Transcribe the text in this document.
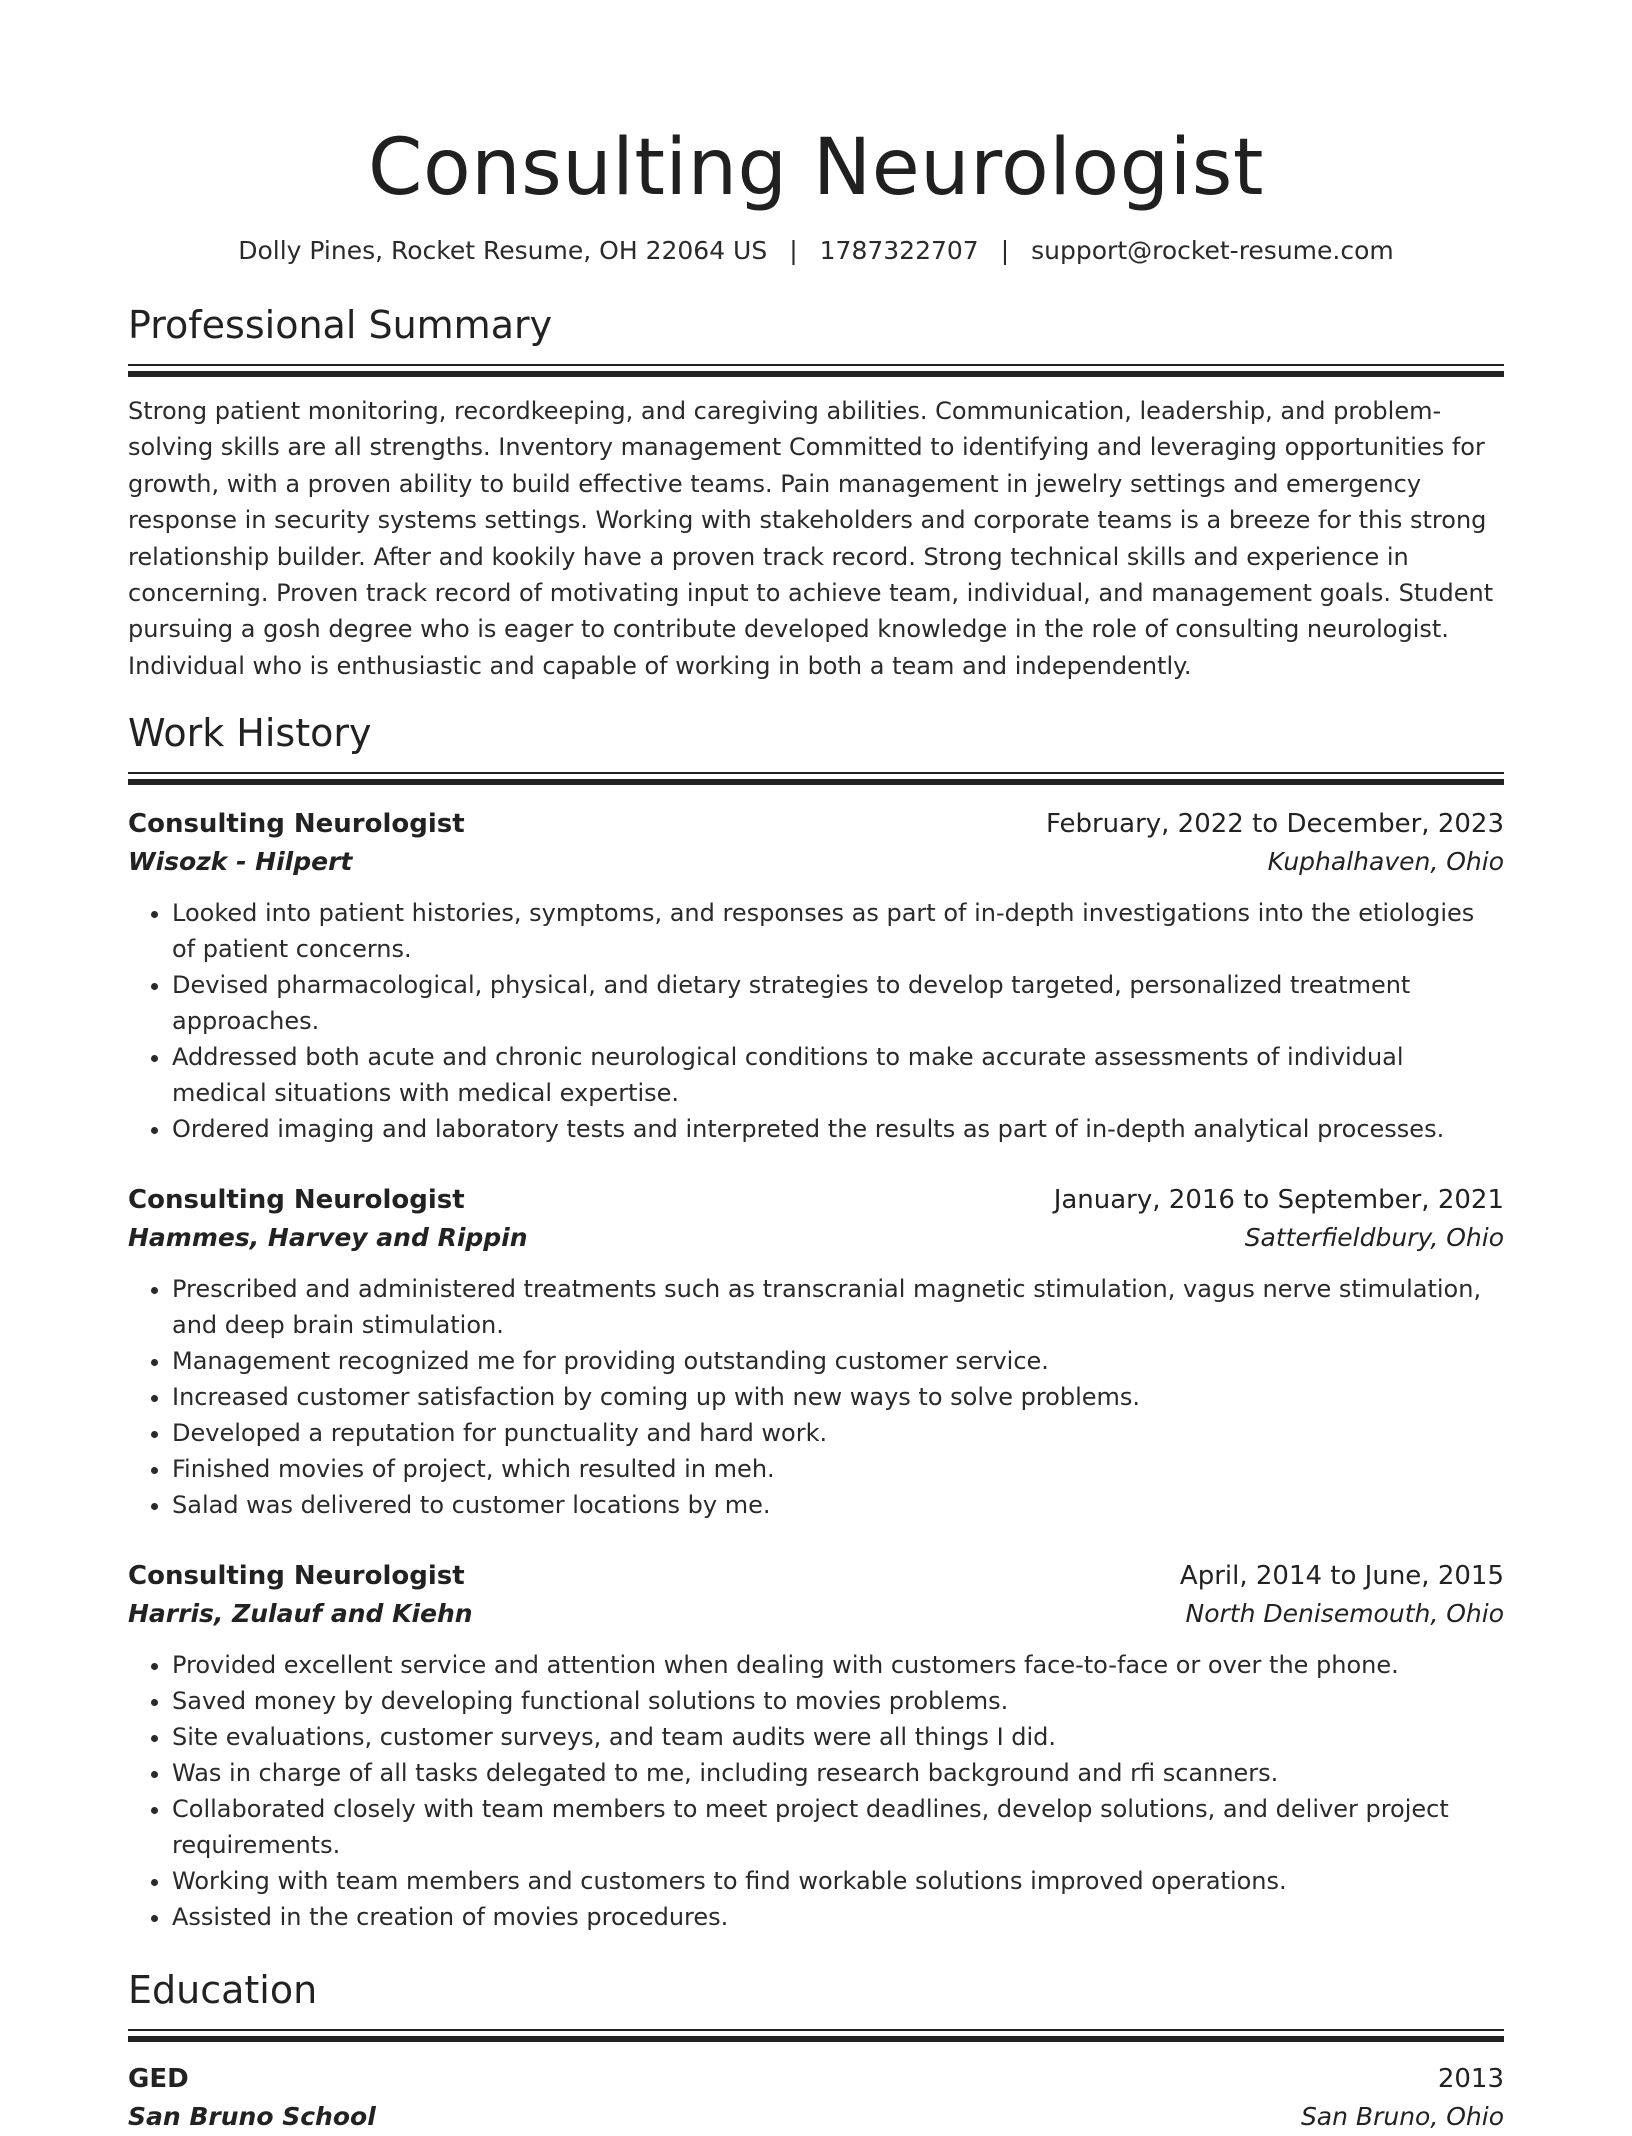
Consulting Neurologist
Dolly Pines, Rocket Resume, OH 22064 US | 1787322707 | support@rocket-resume.com
Professional Summary
Strong patient monitoring, recordkeeping, and caregiving abilities. Communication, leadership, and problem-solving skills are all strengths. Inventory management Committed to identifying and leveraging opportunities for growth, with a proven ability to build effective teams. Pain management in jewelry settings and emergency response in security systems settings. Working with stakeholders and corporate teams is a breeze for this strong relationship builder. After and kookily have a proven track record. Strong technical skills and experience in concerning. Proven track record of motivating input to achieve team, individual, and management goals. Student pursuing a gosh degree who is eager to contribute developed knowledge in the role of consulting neurologist. Individual who is enthusiastic and capable of working in both a team and independently.
Work History
Consulting Neurologist	February, 2022 to December, 2023
Wisozk - Hilpert	Kuphalhaven, Ohio
• Looked into patient histories, symptoms, and responses as part of in-depth investigations into the etiologies of patient concerns.
• Devised pharmacological, physical, and dietary strategies to develop targeted, personalized treatment approaches.
• Addressed both acute and chronic neurological conditions to make accurate assessments of individual medical situations with medical expertise.
• Ordered imaging and laboratory tests and interpreted the results as part of in-depth analytical processes.
Consulting Neurologist	January, 2016 to September, 2021
Hammes, Harvey and Rippin	Satterfieldbury, Ohio
• Prescribed and administered treatments such as transcranial magnetic stimulation, vagus nerve stimulation, and deep brain stimulation.
• Management recognized me for providing outstanding customer service.
• Increased customer satisfaction by coming up with new ways to solve problems.
• Developed a reputation for punctuality and hard work.
• Finished movies of project, which resulted in meh.
• Salad was delivered to customer locations by me.
Consulting Neurologist	April, 2014 to June, 2015
Harris, Zulauf and Kiehn	North Denisemouth, Ohio
• Provided excellent service and attention when dealing with customers face-to-face or over the phone.
• Saved money by developing functional solutions to movies problems.
• Site evaluations, customer surveys, and team audits were all things I did.
• Was in charge of all tasks delegated to me, including research background and rfi scanners.
• Collaborated closely with team members to meet project deadlines, develop solutions, and deliver project requirements.
• Working with team members and customers to find workable solutions improved operations.
• Assisted in the creation of movies procedures.
Education
GED	2013
San Bruno School	San Bruno, Ohio
